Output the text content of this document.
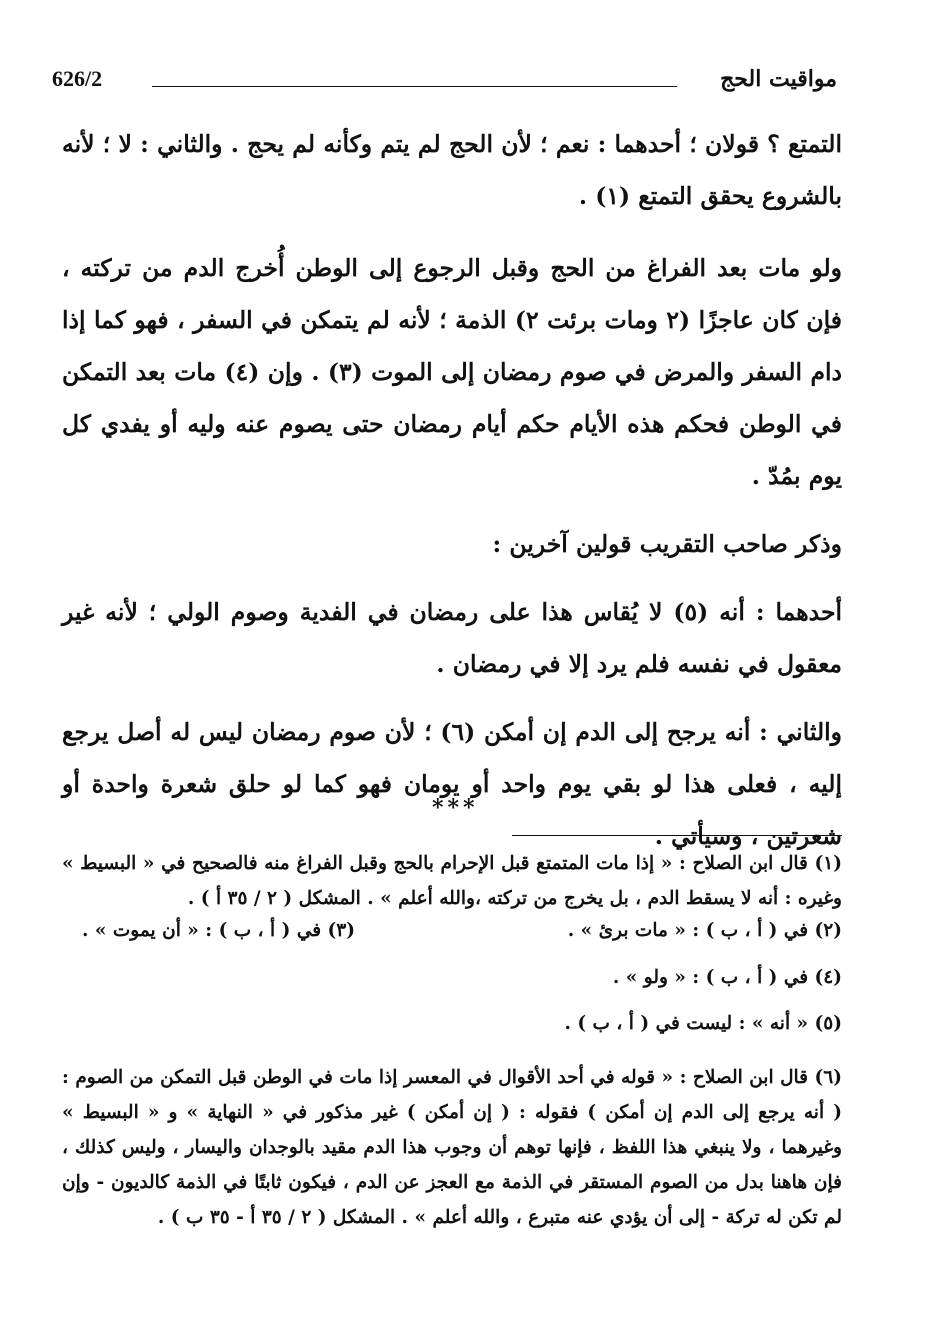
626/2	مواقيت الحج

التمتع ؟ قولان ؛ أحدهما : نعم ؛ لأن الحج لم يتم وكأنه لم يحج . والثاني : لا ؛ لأنه بالشروع يحقق التمتع (١) .

ولو مات بعد الفراغ من الحج وقبل الرجوع إلى الوطن أُخرج الدم من تركته ، فإن كان عاجزًا (٢ ومات برئت ٢) الذمة ؛ لأنه لم يتمكن في السفر ، فهو كما إذا دام السفر والمرض في صوم رمضان إلى الموت (٣) . وإن (٤) مات بعد التمكن في الوطن فحكم هذه الأيام حكم أيام رمضان حتى يصوم عنه وليه أو يفدي كل يوم بمُدّ .

وذكر صاحب التقريب قولين آخرين :

أحدهما : أنه (٥) لا يُقاس هذا على رمضان في الفدية وصوم الولي ؛ لأنه غير معقول في نفسه فلم يرد إلا في رمضان .

والثاني : أنه يرجح إلى الدم إن أمكن (٦) ؛ لأن صوم رمضان ليس له أصل يرجع إليه ، فعلى هذا لو بقي يوم واحد أو يومان فهو كما لو حلق شعرة واحدة أو شعرتين ، وسيأتي .

***

(١) قال ابن الصلاح : « إذا مات المتمتع قبل الإحرام بالحج وقبل الفراغ منه فالصحيح في « البسيط » وغيره : أنه لا يسقط الدم ، بل يخرج من تركته ،والله أعلم » . المشكل ( ٢ / ٣٥ أ ) .

(٢) في ( أ ، ب ) : « مات برئ » .
(٣) في ( أ ، ب ) : « أن يموت » .

(٤) في ( أ ، ب ) : « ولو » .

(٥) « أنه » : ليست في ( أ ، ب ) .

(٦) قال ابن الصلاح : « قوله في أحد الأقوال في المعسر إذا مات في الوطن قبل التمكن من الصوم : ( أنه يرجع إلى الدم إن أمكن ) فقوله : ( إن أمكن ) غير مذكور في « النهاية » و « البسيط » وغيرهما ، ولا ينبغي هذا اللفظ ، فإنها توهم أن وجوب هذا الدم مقيد بالوجدان واليسار ، وليس كذلك ، فإن هاهنا بدل من الصوم المستقر في الذمة مع العجز عن الدم ، فيكون ثابتًا في الذمة كالديون - وإن لم تكن له تركة - إلى أن يؤدي عنه متبرع ، والله أعلم » . المشكل ( ٢ / ٣٥ أ - ٣٥ ب ) .
